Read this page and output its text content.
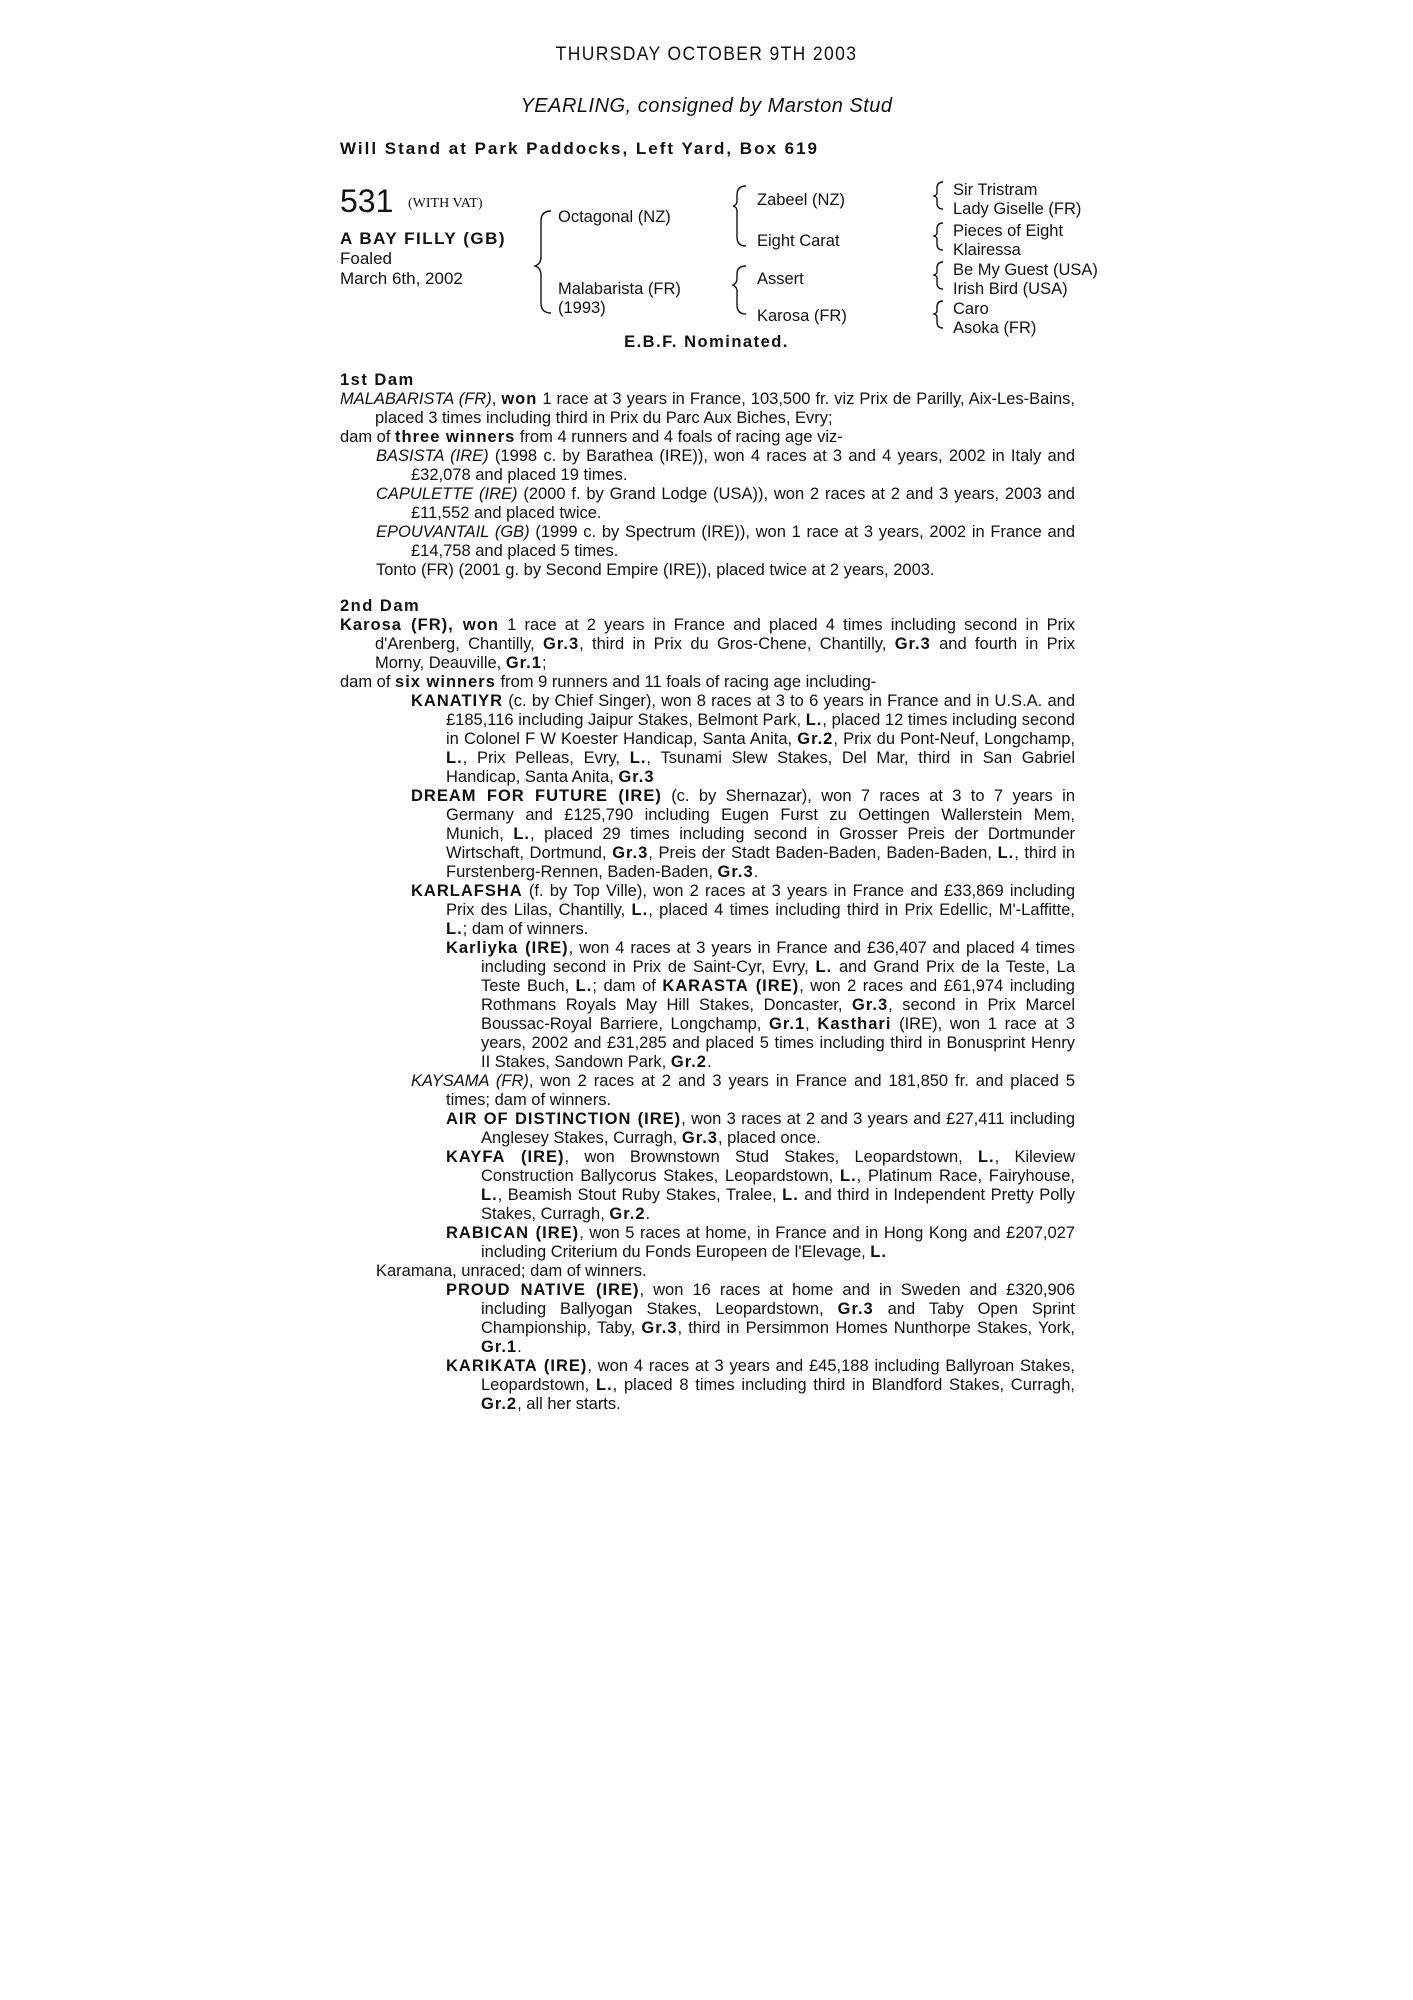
THURSDAY OCTOBER 9TH 2003
YEARLING, consigned by Marston Stud
Will Stand at Park Paddocks, Left Yard, Box 619
531 (WITH VAT)
A BAY FILLY (GB)
Foaled
March 6th, 2002
Octagonal (NZ)
Malabarista (FR)
(1993)
Zabeel (NZ)
Eight Carat
Assert
Karosa (FR)
Sir Tristram
Lady Giselle (FR)
Pieces of Eight
Klairessa
Be My Guest (USA)
Irish Bird (USA)
Caro
Asoka (FR)
E.B.F. Nominated.
1st Dam
MALABARISTA (FR), won 1 race at 3 years in France, 103,500 fr. viz Prix de Parilly, Aix-Les-Bains, placed 3 times including third in Prix du Parc Aux Biches, Evry;
dam of three winners from 4 runners and 4 foals of racing age viz-
BASISTA (IRE) (1998 c. by Barathea (IRE)), won 4 races at 3 and 4 years, 2002 in Italy and £32,078 and placed 19 times.
CAPULETTE (IRE) (2000 f. by Grand Lodge (USA)), won 2 races at 2 and 3 years, 2003 and £11,552 and placed twice.
EPOUVANTAIL (GB) (1999 c. by Spectrum (IRE)), won 1 race at 3 years, 2002 in France and £14,758 and placed 5 times.
Tonto (FR) (2001 g. by Second Empire (IRE)), placed twice at 2 years, 2003.
2nd Dam
Karosa (FR), won 1 race at 2 years in France and placed 4 times including second in Prix d'Arenberg, Chantilly, Gr.3, third in Prix du Gros-Chene, Chantilly, Gr.3 and fourth in Prix Morny, Deauville, Gr.1;
dam of six winners from 9 runners and 11 foals of racing age including-
KANATIYR (c. by Chief Singer), won 8 races at 3 to 6 years in France and in U.S.A. and £185,116 including Jaipur Stakes, Belmont Park, L., placed 12 times including second in Colonel F W Koester Handicap, Santa Anita, Gr.2, Prix du Pont-Neuf, Longchamp, L., Prix Pelleas, Evry, L., Tsunami Slew Stakes, Del Mar, third in San Gabriel Handicap, Santa Anita, Gr.3
DREAM FOR FUTURE (IRE) (c. by Shernazar), won 7 races at 3 to 7 years in Germany and £125,790 including Eugen Furst zu Oettingen Wallerstein Mem, Munich, L., placed 29 times including second in Grosser Preis der Dortmunder Wirtschaft, Dortmund, Gr.3, Preis der Stadt Baden-Baden, Baden-Baden, L., third in Furstenberg-Rennen, Baden-Baden, Gr.3.
KARLAFSHA (f. by Top Ville), won 2 races at 3 years in France and £33,869 including Prix des Lilas, Chantilly, L., placed 4 times including third in Prix Edellic, M'-Laffitte, L.; dam of winners.
Karliyka (IRE), won 4 races at 3 years in France and £36,407 and placed 4 times including second in Prix de Saint-Cyr, Evry, L. and Grand Prix de la Teste, La Teste Buch, L.; dam of KARASTA (IRE), won 2 races and £61,974 including Rothmans Royals May Hill Stakes, Doncaster, Gr.3, second in Prix Marcel Boussac-Royal Barriere, Longchamp, Gr.1, Kasthari (IRE), won 1 race at 3 years, 2002 and £31,285 and placed 5 times including third in Bonusprint Henry II Stakes, Sandown Park, Gr.2.
KAYSAMA (FR), won 2 races at 2 and 3 years in France and 181,850 fr. and placed 5 times; dam of winners.
AIR OF DISTINCTION (IRE), won 3 races at 2 and 3 years and £27,411 including Anglesey Stakes, Curragh, Gr.3, placed once.
KAYFA (IRE), won Brownstown Stud Stakes, Leopardstown, L., Kileview Construction Ballycorus Stakes, Leopardstown, L., Platinum Race, Fairyhouse, L., Beamish Stout Ruby Stakes, Tralee, L. and third in Independent Pretty Polly Stakes, Curragh, Gr.2.
RABICAN (IRE), won 5 races at home, in France and in Hong Kong and £207,027 including Criterium du Fonds Europeen de l'Elevage, L.
Karamana, unraced; dam of winners.
PROUD NATIVE (IRE), won 16 races at home and in Sweden and £320,906 including Ballyogan Stakes, Leopardstown, Gr.3 and Taby Open Sprint Championship, Taby, Gr.3, third in Persimmon Homes Nunthorpe Stakes, York, Gr.1.
KARIKATA (IRE), won 4 races at 3 years and £45,188 including Ballyroan Stakes, Leopardstown, L., placed 8 times including third in Blandford Stakes, Curragh, Gr.2, all her starts.
